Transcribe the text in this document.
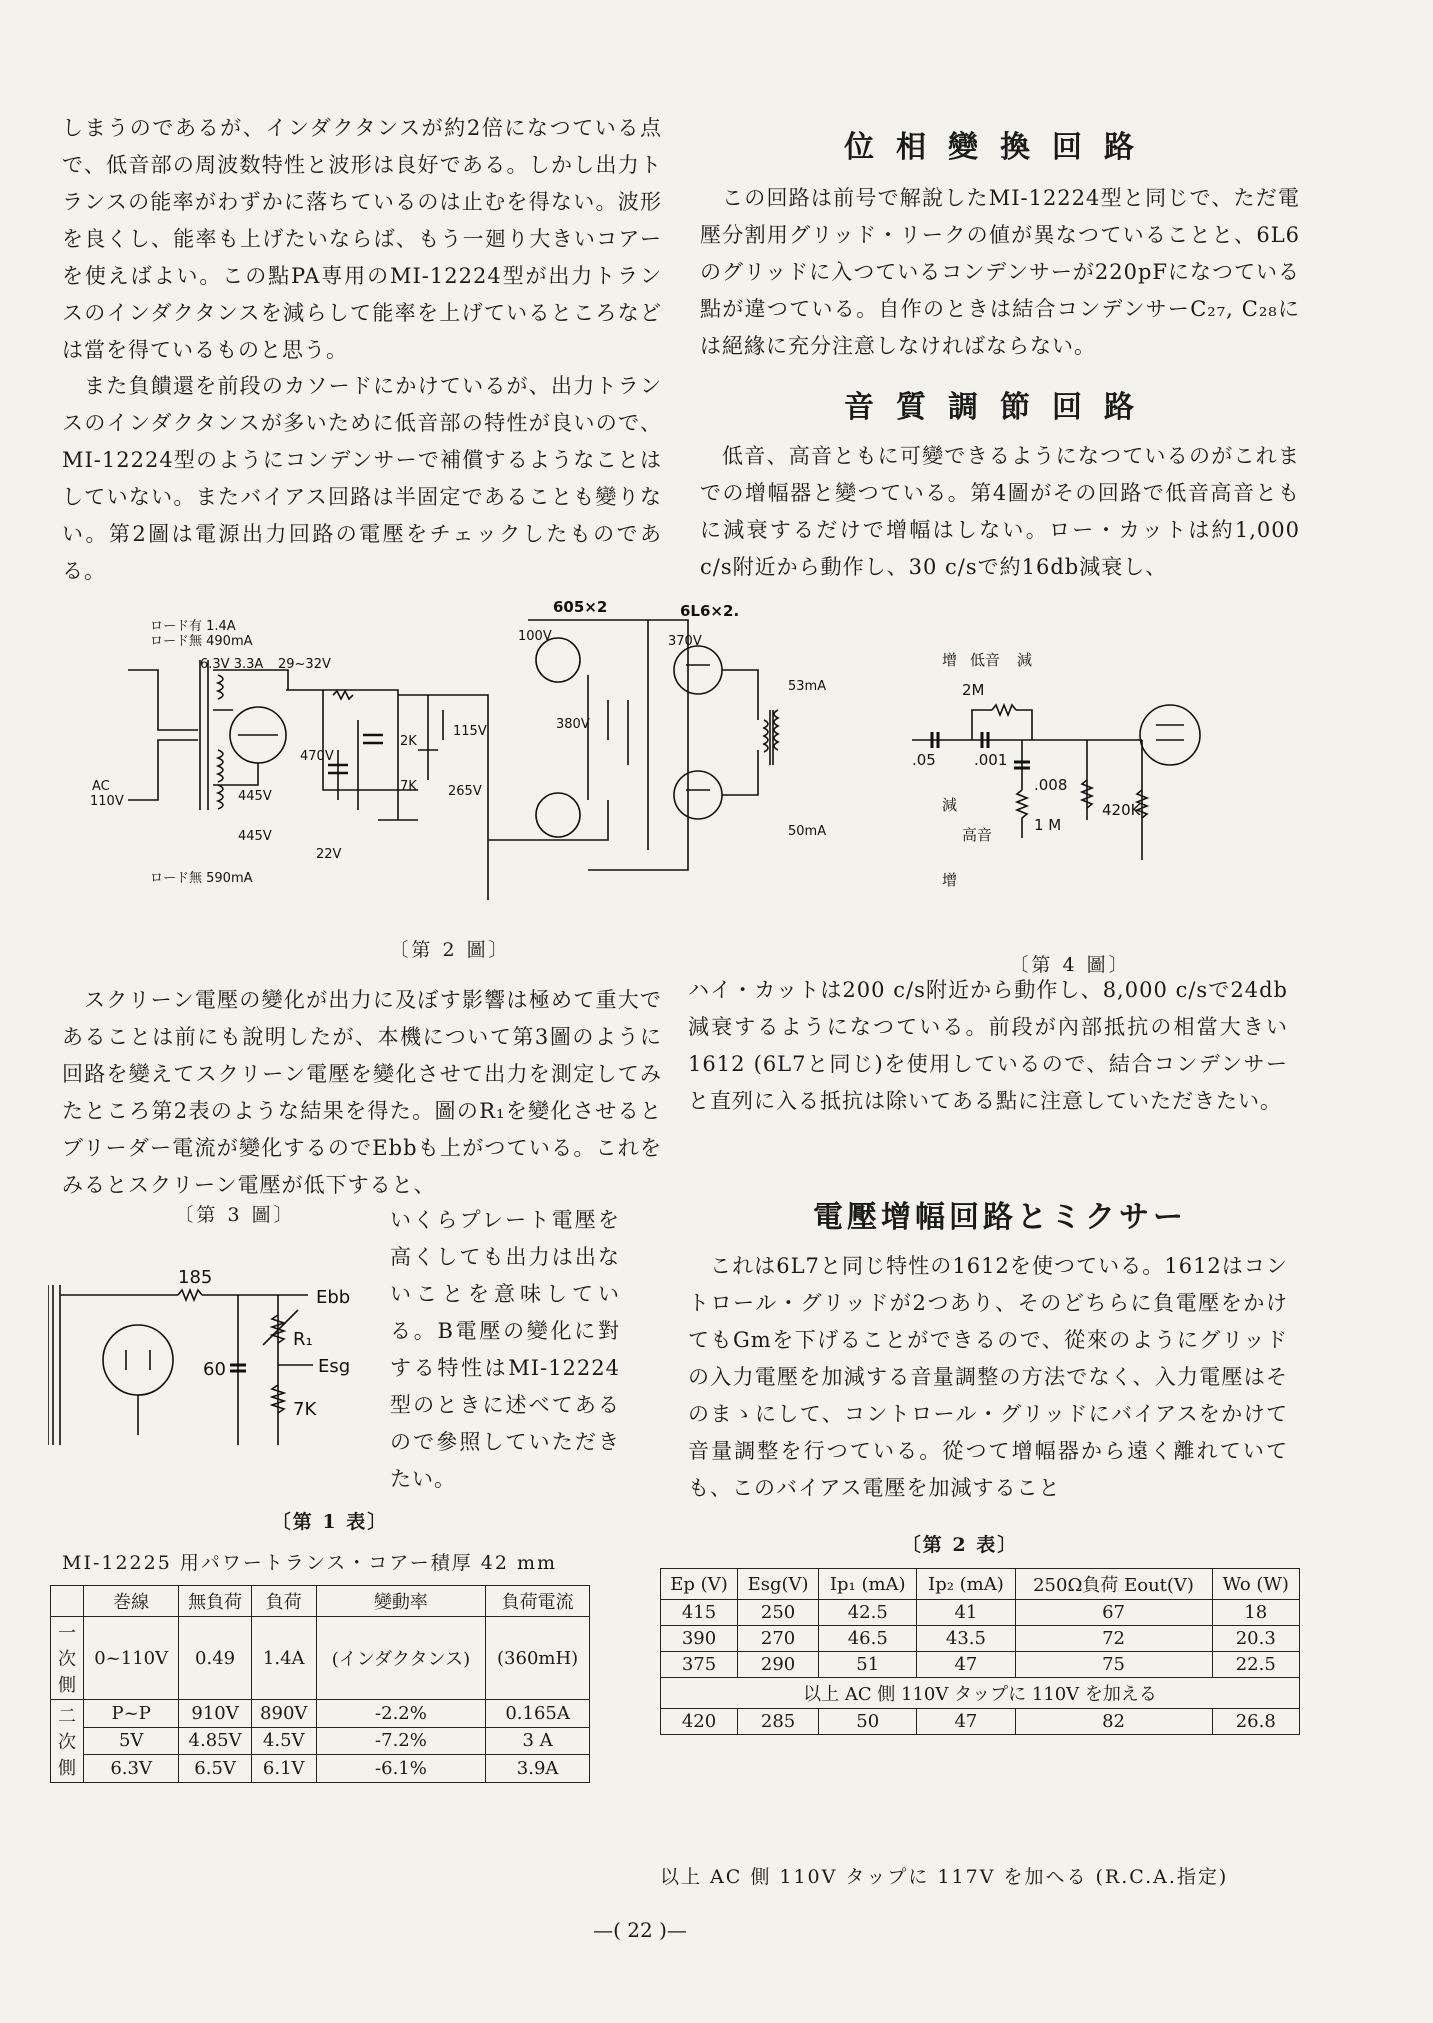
しまうのであるが、インダクタンスが約2倍になつている点で、低音部の周波数特性と波形は良好である。しかし出力トランスの能率がわずかに落ちているのは止むを得ない。波形を良くし、能率も上げたいならば、もう一廻り大きいコアーを使えばよい。この點PA専用のMI-12224型が出力トランスのインダクタンスを減らして能率を上げているところなどは當を得ているものと思う。
また負饋還を前段のカソードにかけているが、出力トランスのインダクタンスが多いために低音部の特性が良いので、MI-12224型のようにコンデンサーで補償するようなことはしていない。またバイアス回路は半固定であることも變りない。第2圖は電源出力回路の電壓をチェックしたものである。
位相變換回路
この回路は前号で解說したMI-12224型と同じで、ただ電壓分割用グリッド・リークの値が異なつていることと、6L6のグリッドに入つているコンデンサーが220pFになつている點が違つている。自作のときは結合コンデンサーC₂₇, C₂₈には絕緣に充分注意しなければならない。
音質調節回路
低音、高音ともに可變できるようになつているのがこれまでの增幅器と變つている。第4圖がその回路で低音高音ともに減衰するだけで增幅はしない。ロー・カットは約1,000 c/s附近から動作し、30 c/sで約16db減衰し、
ロード有 1.4A
ロード無 490mA
6.3V 3.3A 29~32V
605×2	6L6×2.
100V	370V
380V
115V
265V
470V
22V
2K
7K
AC
110V	445V
445V
ロード無 590mA
53mA
50mA
〔第 2 圖〕
增 低音 減
2M
.05	.001
.008
420K
1 M
高音
減
增
〔第 4 圖〕
スクリーン電壓の變化が出力に及ぼす影響は極めて重大であることは前にも說明したが、本機について第3圖のように回路を變えてスクリーン電壓を變化させて出力を測定してみたところ第2表のような結果を得た。圖のR₁を變化させるとブリーダー電流が變化するのでEbbも上がつている。これをみるとスクリーン電壓が低下すると、
〔第 3 圖〕
185
Ebb
R₁
60	Esg
7K
いくらプレート電壓を高くしても出力は出ないことを意味している。B電壓の變化に對する特性はMI-12224型のときに述べてあるので參照していただきたい。
〔第 1 表〕
MI-12225 用パワートランス・コアー積厚 42 mm
	巻線	無負荷	負荷	變動率	負荷電流
一次側	0~110V	0.49	1.4A	(インダクタンス)	(360mH)
二次側	P~P	910V	890V	-2.2%	0.165A
	5V	4.85V	4.5V	-7.2%	3 A
	6.3V	6.5V	6.1V	-6.1%	3.9A
ハイ・カットは200 c/s附近から動作し、8,000 c/sで24db減衰するようになつている。前段が內部抵抗の相當大きい1612 (6L7と同じ)を使用しているので、結合コンデンサーと直列に入る抵抗は除いてある點に注意していただきたい。
電壓增幅回路とミクサー
これは6L7と同じ特性の1612を使つている。1612はコントロール・グリッドが2つあり、そのどちらに負電壓をかけてもGmを下げることができるので、從來のようにグリッドの入力電壓を加減する音量調整の方法でなく、入力電壓はそのまゝにして、コントロール・グリッドにバイアスをかけて音量調整を行つている。從つて增幅器から遠く離れていても、このバイアス電壓を加減すること
〔第 2 表〕
Ep (V)	Esg(V)	Ip₁ (mA)	Ip₂ (mA)	250Ω負荷 Eout(V)	Wo (W)
415	250	42.5	41	67	18
390	270	46.5	43.5	72	20.3
375	290	51	47	75	22.5
以上 AC 側 110V タップに 110V を加える					
420	285	50	47	82	26.8
以上 AC 側 110V タップに 117V を加へる (R.C.A.指定)
—( 22 )—
